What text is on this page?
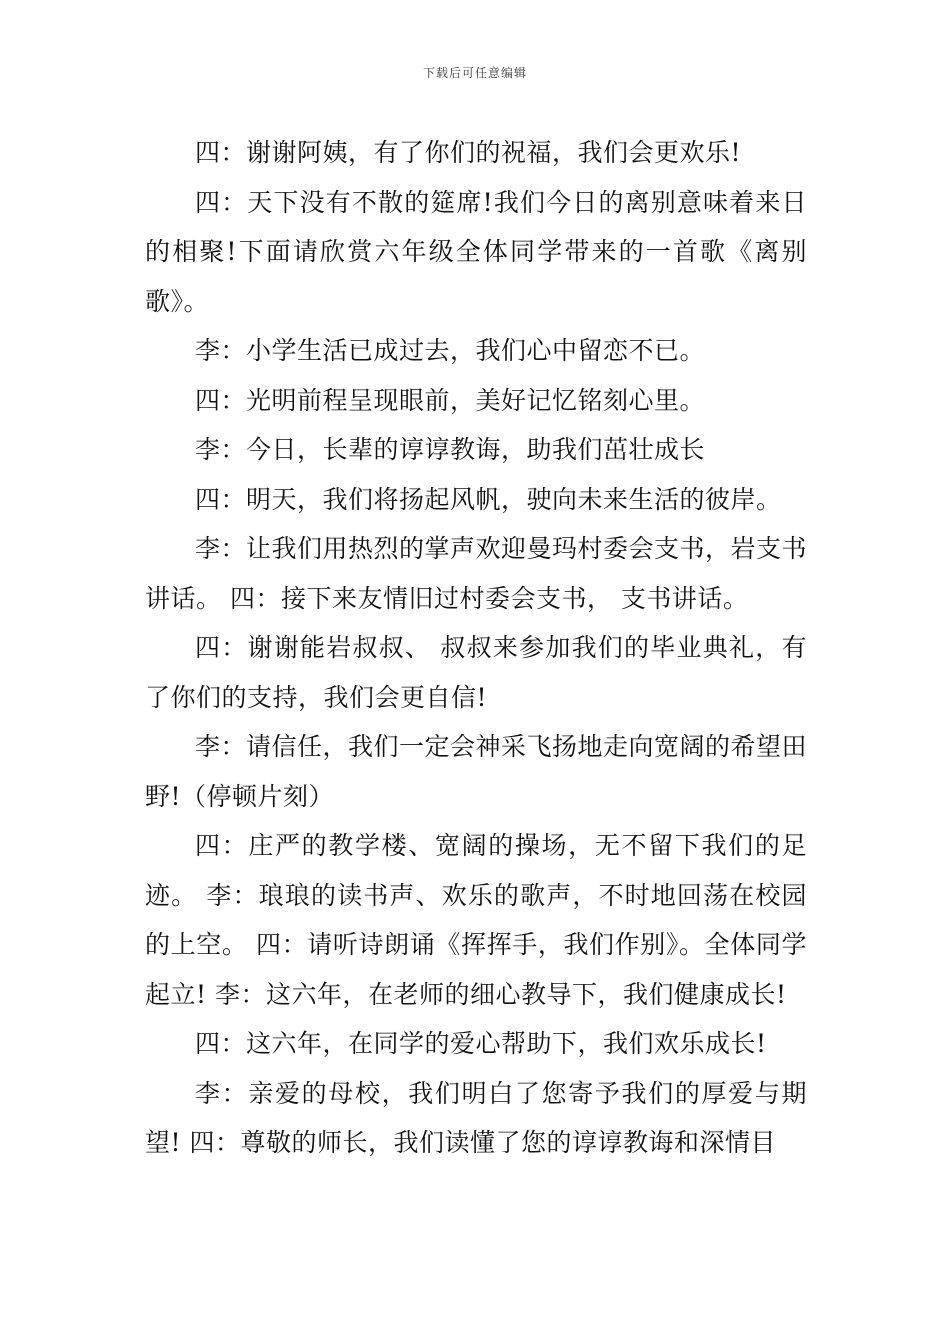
下载后可任意编辑

四：谢谢阿姨，有了你们的祝福，我们会更欢乐!

四：天下没有不散的筵席!我们今日的离别意味着来日的相聚!下面请欣赏六年级全体同学带来的一首歌《离别歌》。

李：小学生活已成过去，我们心中留恋不已。

四：光明前程呈现眼前，美好记忆铭刻心里。

李：今日，长辈的谆谆教诲，助我们茁壮成长

四：明天，我们将扬起风帆，驶向未来生活的彼岸。

李：让我们用热烈的掌声欢迎曼玛村委会支书，岩支书讲话。 四：接下来友情旧过村委会支书， 支书讲话。

四：谢谢能岩叔叔、 叔叔来参加我们的毕业典礼，有了你们的支持，我们会更自信!

李：请信任，我们一定会神采飞扬地走向宽阔的希望田野!（停顿片刻）

四：庄严的教学楼、宽阔的操场，无不留下我们的足迹。 李：琅琅的读书声、欢乐的歌声，不时地回荡在校园的上空。 四：请听诗朗诵《挥挥手，我们作别》。全体同学起立! 李：这六年，在老师的细心教导下，我们健康成长!

四：这六年，在同学的爱心帮助下，我们欢乐成长!

李：亲爱的母校，我们明白了您寄予我们的厚爱与期望! 四：尊敬的师长，我们读懂了您的谆谆教诲和深情目
